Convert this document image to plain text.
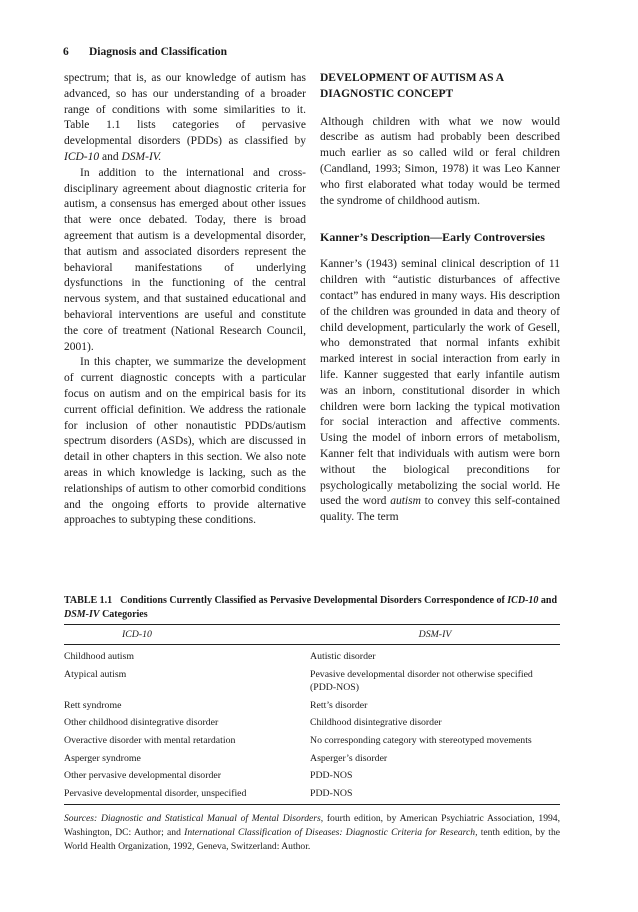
6 Diagnosis and Classification

spectrum; that is, as our knowledge of autism has advanced, so has our understanding of a broader range of conditions with some similarities to it. Table 1.1 lists categories of pervasive developmental disorders (PDDs) as classified by ICD-10 and DSM-IV.

In addition to the international and cross-disciplinary agreement about diagnostic criteria for autism, a consensus has emerged about other issues that were once debated. Today, there is broad agreement that autism is a developmental disorder, that autism and associated disorders represent the behavioral manifestations of underlying dysfunctions in the functioning of the central nervous system, and that sustained educational and behavioral interventions are useful and constitute the core of treatment (National Research Council, 2001).

In this chapter, we summarize the development of current diagnostic concepts with a particular focus on autism and on the empirical basis for its current official definition. We address the rationale for inclusion of other nonautistic PDDs/autism spectrum disorders (ASDs), which are discussed in detail in other chapters in this section. We also note areas in which knowledge is lacking, such as the relationships of autism to other comorbid conditions and the ongoing efforts to provide alternative approaches to subtyping these conditions.

DEVELOPMENT OF AUTISM AS A DIAGNOSTIC CONCEPT

Although children with what we now would describe as autism had probably been described much earlier as so called wild or feral children (Candland, 1993; Simon, 1978) it was Leo Kanner who first elaborated what today would be termed the syndrome of childhood autism.

Kanner’s Description—Early Controversies

Kanner’s (1943) seminal clinical description of 11 children with “autistic disturbances of affective contact” has endured in many ways. His description of the children was grounded in data and theory of child development, particularly the work of Gesell, who demonstrated that normal infants exhibit marked interest in social interaction from early in life. Kanner suggested that early infantile autism was an inborn, constitutional disorder in which children were born lacking the typical motivation for social interaction and affective comments. Using the model of inborn errors of metabolism, Kanner felt that individuals with autism were born without the biological preconditions for psychologically metabolizing the social world. He used the word autism to convey this self-contained quality. The term

TABLE 1.1 Conditions Currently Classified as Pervasive Developmental Disorders Correspondence of ICD-10 and DSM-IV Categories
ICD-10	DSM-IV
Childhood autism	Autistic disorder
Atypical autism	Pevasive developmental disorder not otherwise specified (PDD-NOS)
Rett syndrome	Rett’s disorder
Other childhood disintegrative disorder	Childhood disintegrative disorder
Overactive disorder with mental retardation	No corresponding category with stereotyped movements
Asperger syndrome	Asperger’s disorder
Other pervasive developmental disorder	PDD-NOS
Pervasive developmental disorder, unspecified	PDD-NOS
Sources: Diagnostic and Statistical Manual of Mental Disorders, fourth edition, by American Psychiatric Association, 1994, Washington, DC: Author; and International Classification of Diseases: Diagnostic Criteria for Research, tenth edition, by the World Health Organization, 1992, Geneva, Switzerland: Author.
